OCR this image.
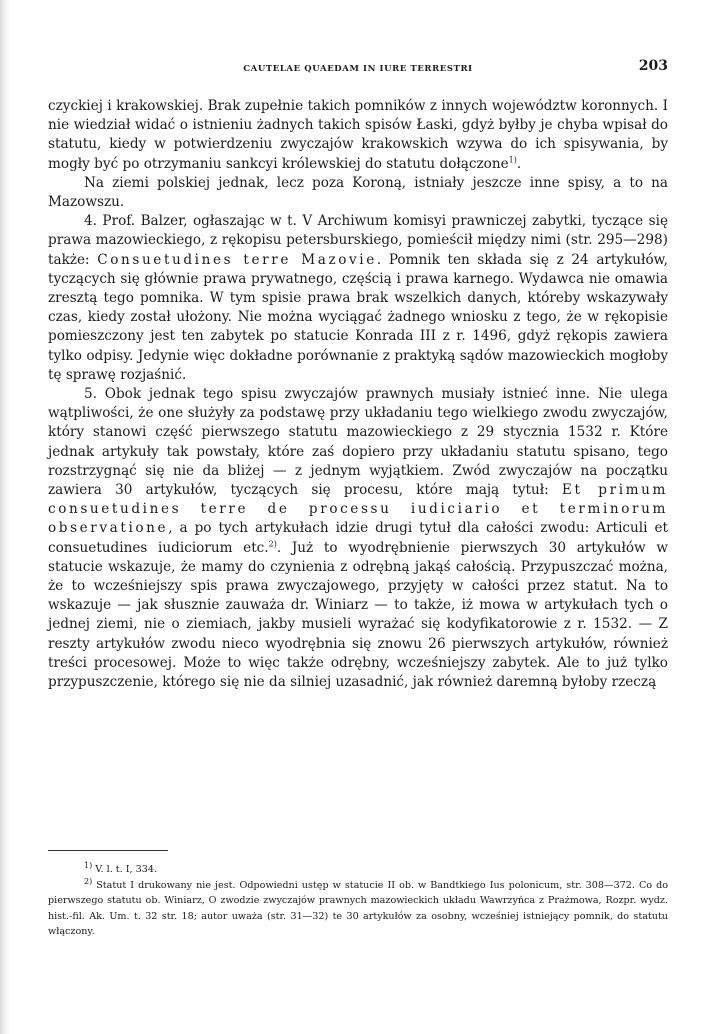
CAUTELAE QUAEDAM IN IURE TERRESTRI	203

czyckiej i krakowskiej. Brak zupełnie takich pomników z innych województw koronnych. I nie wiedział widać o istnieniu żadnych takich spisów Łaski, gdyż byłby je chyba wpisał do statutu, kiedy w potwierdzeniu zwyczajów krakowskich wzywa do ich spisywania, by mogły być po otrzymaniu sankcyi królewskiej do statutu dołączone$^{1)}$.

Na ziemi polskiej jednak, lecz poza Koroną, istniały jeszcze inne spisy, a to na Mazowszu.

4. Prof. Balzer, ogłaszając w t. V Archiwum komisyi prawniczej zabytki, tyczące się prawa mazowieckiego, z rękopisu petersburskiego, pomieścił między nimi (str. 295—298) także: Consuetudines terre Mazovie. Pomnik ten składa się z 24 artykułów, tyczących się głównie prawa prywatnego, częścią i prawa karnego. Wydawca nie omawia zresztą tego pomnika. W tym spisie prawa brak wszelkich danych, któreby wskazywały czas, kiedy został ułożony. Nie można wyciągać żadnego wniosku z tego, że w rękopisie pomieszczony jest ten zabytek po statucie Konrada III z r. 1496, gdyż rękopis zawiera tylko odpisy. Jedynie więc dokładne porównanie z praktyką sądów mazowieckich mogłoby tę sprawę rozjaśnić.

5. Obok jednak tego spisu zwyczajów prawnych musiały istnieć inne. Nie ulega wątpliwości, że one służyły za podstawę przy układaniu tego wielkiego zwodu zwyczajów, który stanowi część pierwszego statutu mazowieckiego z 29 stycznia 1532 r. Które jednak artykuły tak powstały, które zaś dopiero przy układaniu statutu spisano, tego rozstrzygnąć się nie da bliżej — z jednym wyjątkiem. Zwód zwyczajów na początku zawiera 30 artykułów, tyczących się procesu, które mają tytuł: Et primum consuetudines terre de processu iudiciario et terminorum observatione, a po tych artykułach idzie drugi tytuł dla całości zwodu: Articuli et consuetudines iudiciorum etc.$^{2)}$. Już to wyodrębnienie pierwszych 30 artykułów w statucie wskazuje, że mamy do czynienia z odrębną jakąś całością. Przypuszczać można, że to wcześniejszy spis prawa zwyczajowego, przyjęty w całości przez statut. Na to wskazuje — jak słusznie zauważa dr. Winiarz — to także, iż mowa w artykułach tych o jednej ziemi, nie o ziemiach, jakby musieli wyrażać się kodyfikatorowie z r. 1532. — Z reszty artykułów zwodu nieco wyodrębnia się znowu 26 pierwszych artykułów, również treści procesowej. Może to więc także odrębny, wcześniejszy zabytek. Ale to już tylko przypuszczenie, którego się nie da silniej uzasadnić, jak również daremną byłoby rzeczą

$^{1)}$ V. l. t. I, 334.

$^{2)}$ Statut I drukowany nie jest. Odpowiedni ustęp w statucie II ob. w Bandtkiego Ius polonicum, str. 308—372. Co do pierwszego statutu ob. Winiarz, O zwodzie zwyczajów prawnych mazowieckich układu Wawrzyńca z Prażmowa, Rozpr. wydz. hist.-fil. Ak. Um. t. 32 str. 18; autor uważa (str. 31—32) te 30 artykułów za osobny, wcześniej istniejący pomnik, do statutu włączony.
